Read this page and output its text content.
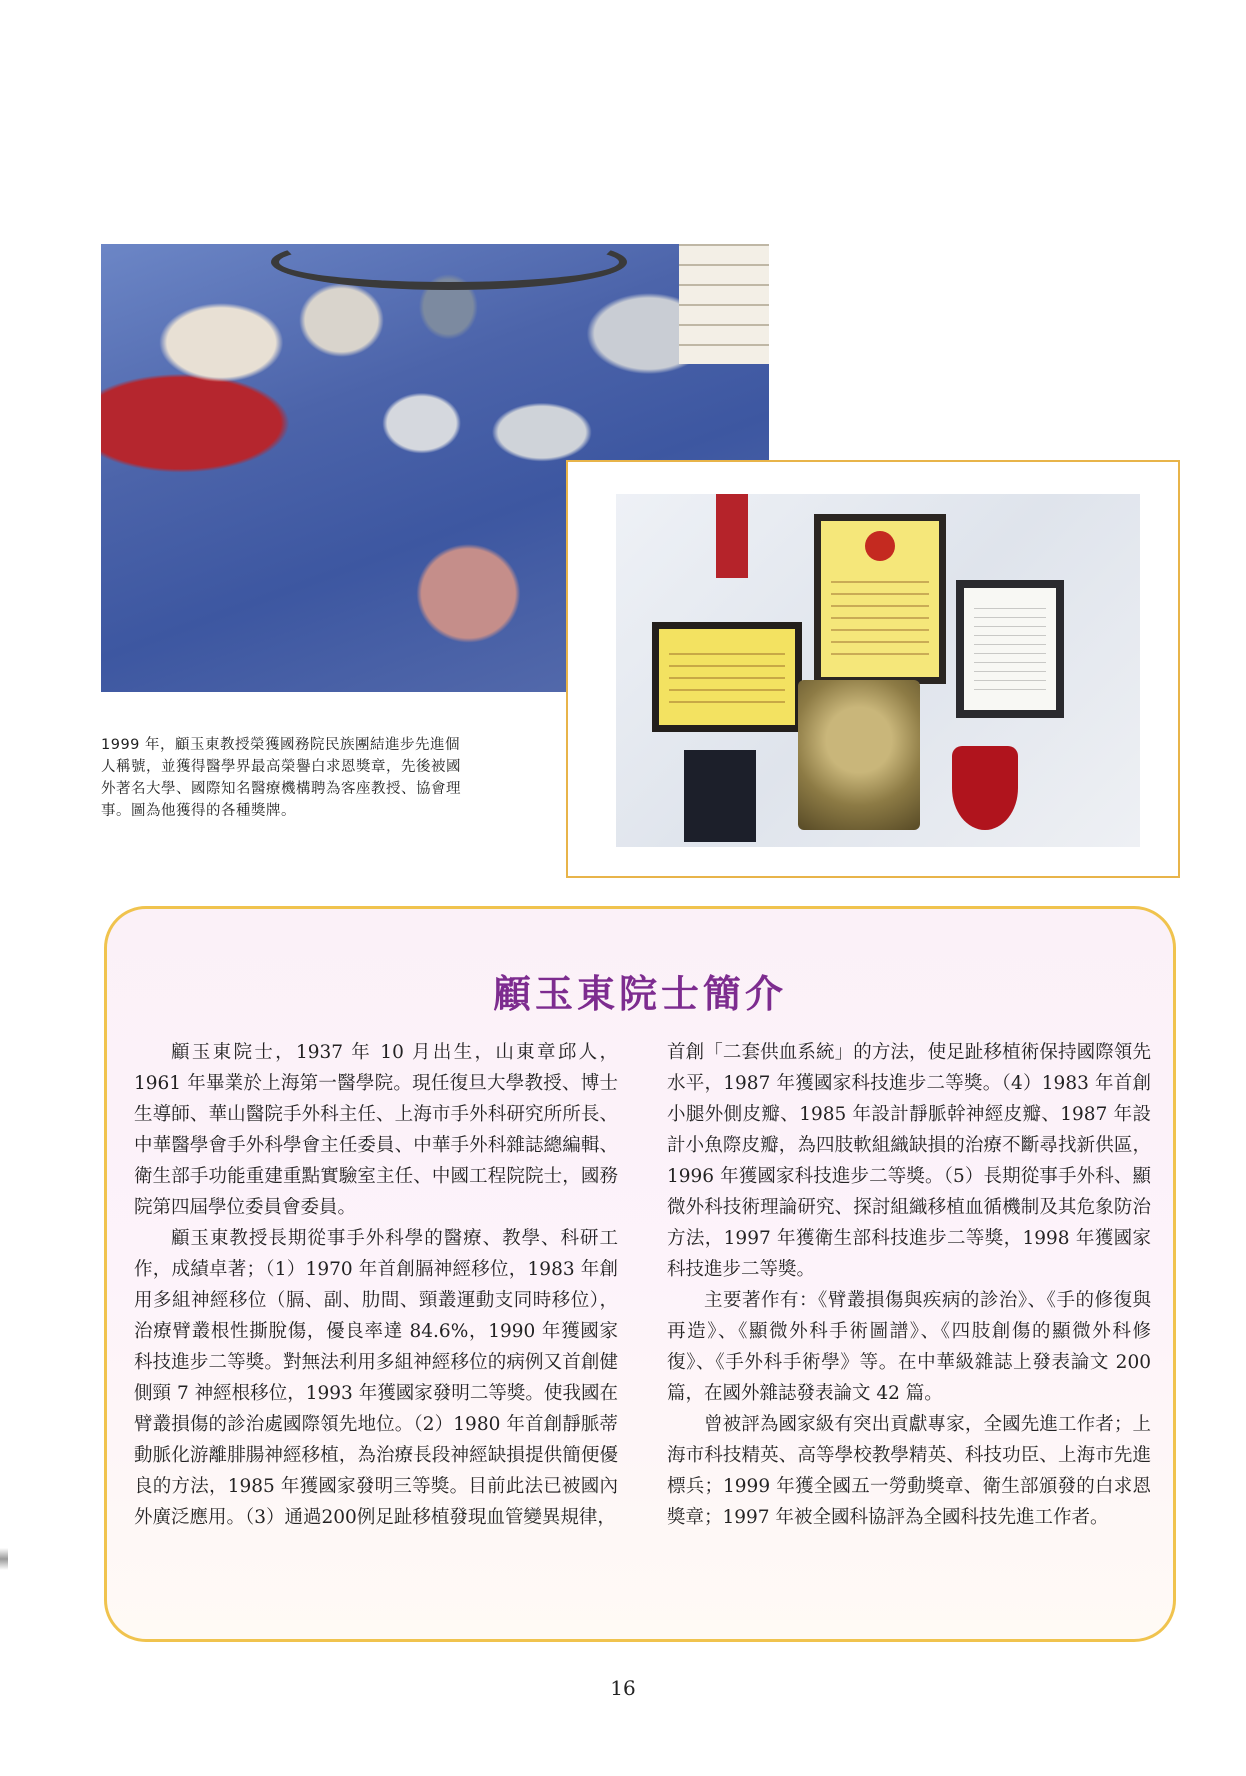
1999 年，顧玉東教授榮獲國務院民族團結進步先進個人稱號，並獲得醫學界最高榮譽白求恩獎章，先後被國外著名大學、國際知名醫療機構聘為客座教授、協會理事。圖為他獲得的各種獎牌。

顧玉東院士簡介

顧玉東院士，1937 年 10 月出生，山東章邱人，1961 年畢業於上海第一醫學院。現任復旦大學教授、博士生導師、華山醫院手外科主任、上海市手外科研究所所長、中華醫學會手外科學會主任委員、中華手外科雜誌總編輯、衛生部手功能重建重點實驗室主任、中國工程院院士，國務院第四屆學位委員會委員。

顧玉東教授長期從事手外科學的醫療、教學、科研工作，成績卓著；（1）1970 年首創膈神經移位，1983 年創用多組神經移位（膈、副、肋間、頸叢運動支同時移位），治療臂叢根性撕脫傷，優良率達 84.6%，1990 年獲國家科技進步二等獎。對無法利用多組神經移位的病例又首創健側頸 7 神經根移位，1993 年獲國家發明二等獎。使我國在臂叢損傷的診治處國際領先地位。（2）1980 年首創靜脈蒂動脈化游離腓腸神經移植，為治療長段神經缺損提供簡便優良的方法，1985 年獲國家發明三等獎。目前此法已被國內外廣泛應用。（3）通過200例足趾移植發現血管變異規律，

首創「二套供血系統」的方法，使足趾移植術保持國際領先水平，1987 年獲國家科技進步二等獎。（4）1983 年首創小腿外側皮瓣、1985 年設計靜脈幹神經皮瓣、1987 年設計小魚際皮瓣，為四肢軟組織缺損的治療不斷尋找新供區，1996 年獲國家科技進步二等獎。（5）長期從事手外科、顯微外科技術理論研究、探討組織移植血循機制及其危象防治方法，1997 年獲衛生部科技進步二等獎，1998 年獲國家科技進步二等獎。

主要著作有：《臂叢損傷與疾病的診治》、《手的修復與再造》、《顯微外科手術圖譜》、《四肢創傷的顯微外科修復》、《手外科手術學》等。在中華級雜誌上發表論文 200 篇，在國外雜誌發表論文 42 篇。

曾被評為國家級有突出貢獻專家，全國先進工作者；上海市科技精英、高等學校教學精英、科技功臣、上海市先進標兵；1999 年獲全國五一勞動獎章、衛生部頒發的白求恩獎章；1997 年被全國科協評為全國科技先進工作者。

16
